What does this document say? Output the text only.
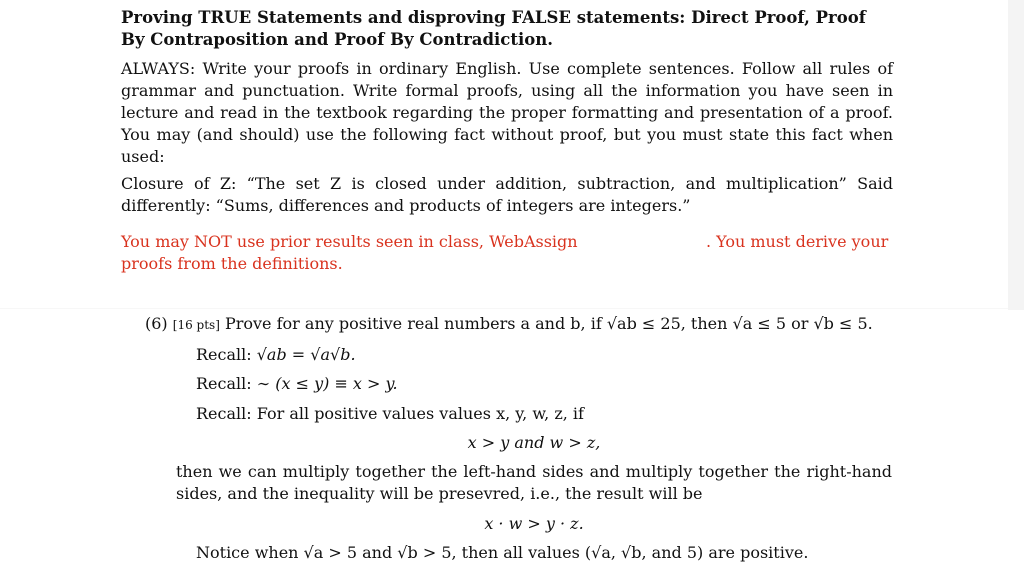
Proving TRUE Statements and disproving FALSE statements: Direct Proof, Proof
By Contraposition and Proof By Contradiction.
ALWAYS: Write your proofs in ordinary English. Use complete sentences. Follow all rules of grammar and punctuation. Write formal proofs, using all the information you have seen in lecture and read in the textbook regarding the proper formatting and presentation of a proof. You may (and should) use the following fact without proof, but you must state this fact when used:
Closure of Z: “The set Z is closed under addition, subtraction, and multiplication” Said differently: “Sums, differences and products of integers are integers.”
You may NOT use prior results seen in class, WebAssign	. You must derive your
proofs from the definitions.
(6) [16 pts] Prove for any positive real numbers a and b, if √ab ≤ 25, then √a ≤ 5 or √b ≤ 5.
Recall: √ab = √a√b.
Recall: ∼ (x ≤ y) ≡ x > y.
Recall: For all positive values values x, y, w, z, if
x > y and w > z,
then we can multiply together the left-hand sides and multiply together the right-hand sides, and the inequality will be presevred, i.e., the result will be
x · w > y · z.
Notice when √a > 5 and √b > 5, then all values (√a, √b, and 5) are positive.
